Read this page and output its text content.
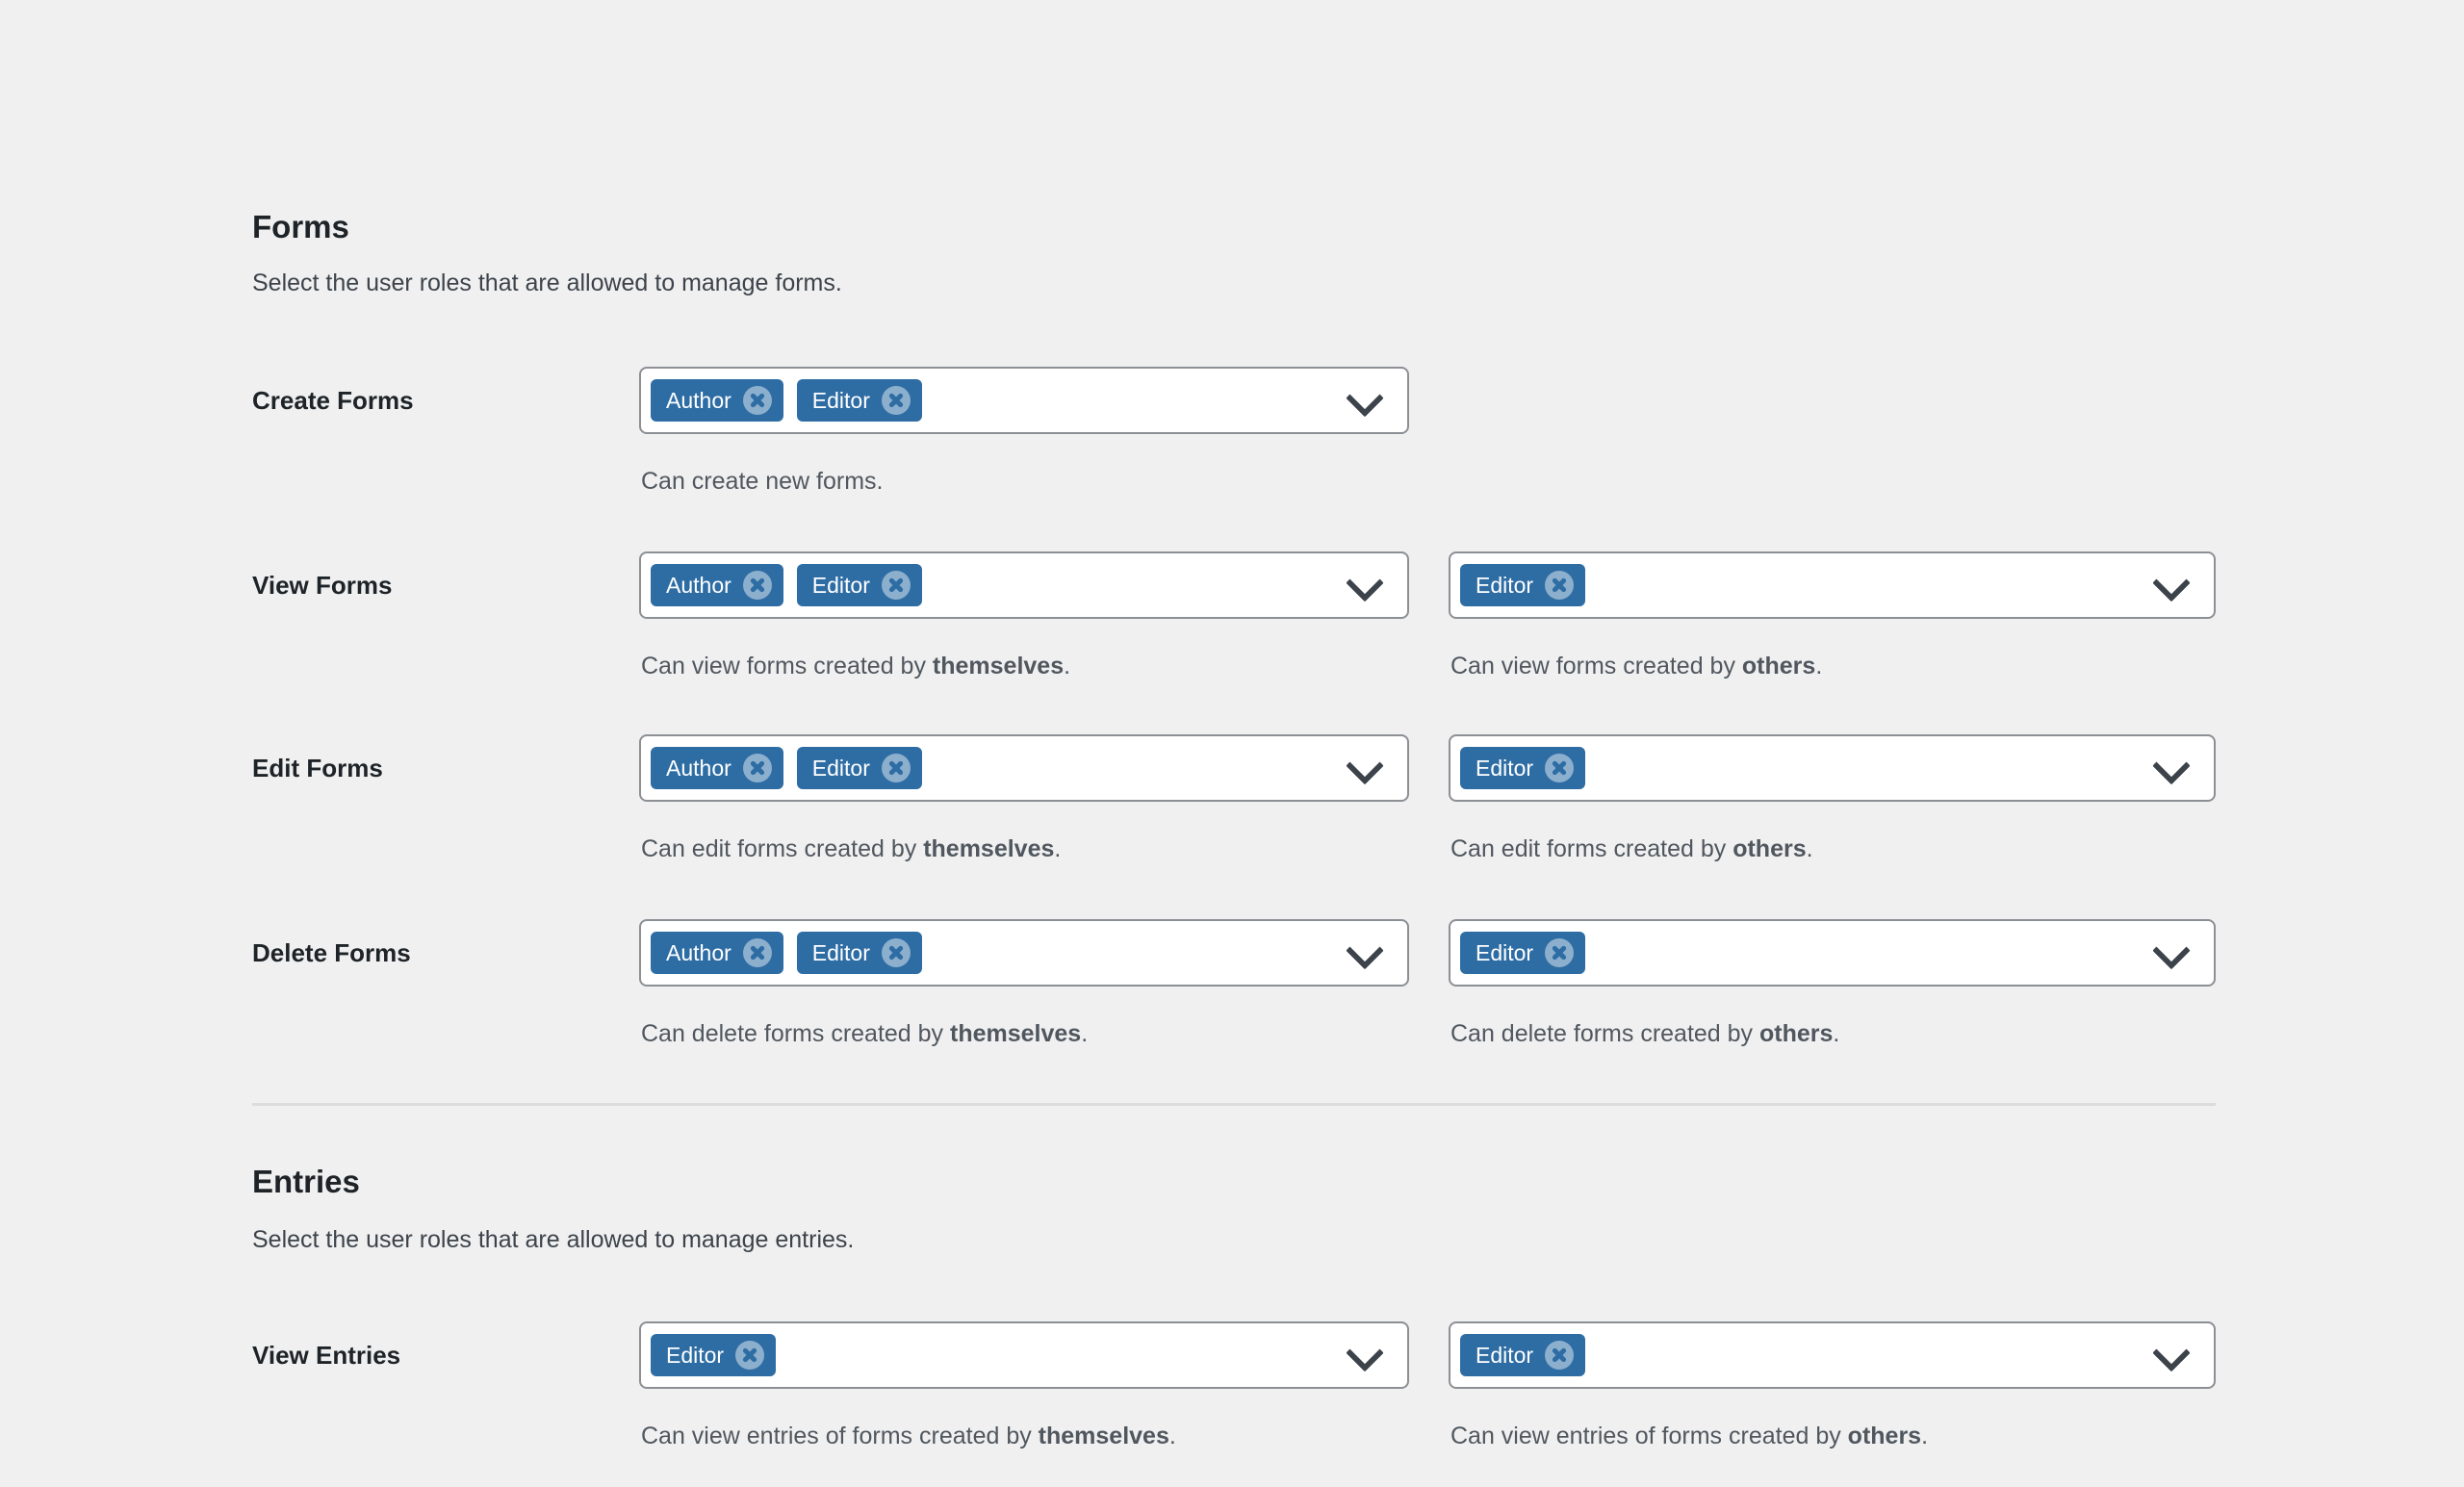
Forms

Select the user roles that are allowed to manage forms.

Create Forms	Author	Editor

Can create new forms.

View Forms	Author	Editor

Can view forms created by themselves.

Editor

Can view forms created by others.

Edit Forms	Author	Editor

Can edit forms created by themselves.

Editor

Can edit forms created by others.

Delete Forms	Author	Editor

Can delete forms created by themselves.

Editor

Can delete forms created by others.

Entries

Select the user roles that are allowed to manage entries.

View Entries	Editor

Can view entries of forms created by themselves.

Editor

Can view entries of forms created by others.
